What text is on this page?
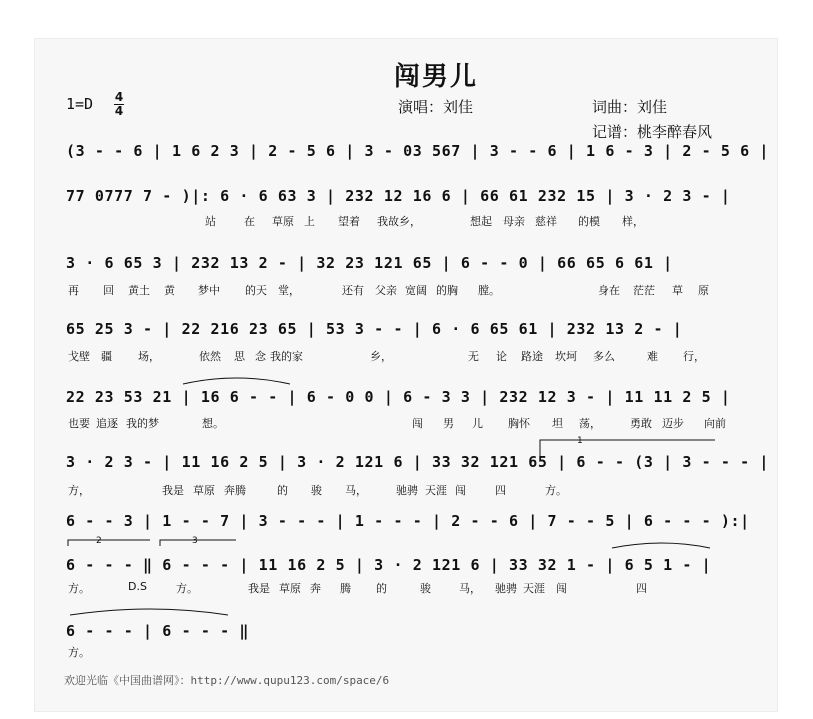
闯男儿
1=D 4
4	演唱：刘佳	词曲：刘佳
记谱：桃李醉春风
(3 - - 6 | 1 6 2 3 | 2 - 5 6 | 3 - 03 567 | 3 - - 6 | 1 6 - 3 | 2 - 5 6 |
77 0777 7 - )|: 6 · 6 63 3 | 232 12 16 6 | 66 61 232 15 | 3 · 2 3 - |
3 · 6 65 3 | 232 13 2 - | 32 23 121 65 | 6 - - 0 | 66 65 6 61 |
65 25 3 - | 22 216 23 65 | 53 3 - - | 6 · 6 65 61 | 232 13 2 - |
22 23 53 21 | 16 6 - - | 6 - 0 0 | 6 - 3 3 | 232 12 3 - | 11 11 2 5 |
3 · 2 3 - | 11 16 2 5 | 3 · 2 121 6 | 33 32 121 65 | 6 - - (3 | 3 - - - |
6 - - 3 | 1 - - 7 | 3 - - - | 1 - - - | 2 - - 6 | 7 - - 5 | 6 - - - ):|
6 - - - ‖ 6 - - - | 11 16 2 5 | 3 · 2 121 6 | 33 32 1 - | 6 5 1 - |
6 - - - | 6 - - - ‖
站	在 草原 上 望着 我故乡，	想起 母亲 慈祥 的模 样，
再 回 黄土 黄 梦中 的天 堂，	还有 父亲 宽阔 的胸 膛。	身在 茫茫 草 原
戈壁 疆 场，	依然 思 念 我的家	乡，	无 论 路途 坎坷 多么	难 行，
也要 追逐 我的梦	想。	闯 男 儿 胸怀 坦 荡，	勇敢 迈步 向前
方，	我是 草原 奔腾	的 骏 马，	驰骋 天涯 闯	四	方。
方。	D.S	方。	我是 草原 奔 腾 的	骏	马， 驰骋 天涯 闯	四
方。
1
2	3
欢迎光临《中国曲谱网》：http://www.qupu123.com/space/6
